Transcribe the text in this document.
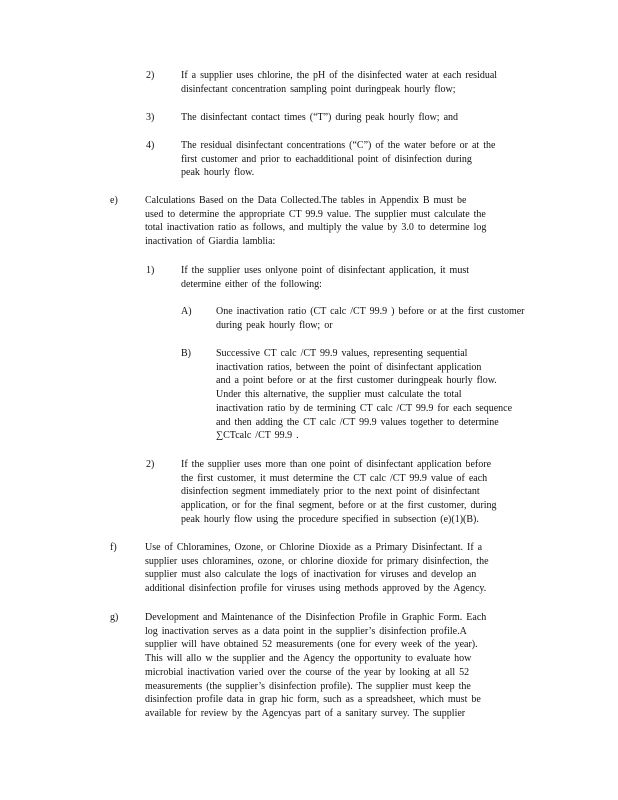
2)	If a supplier uses chlorine, the pH of the disinfected water at each residual
disinfectant concentration sampling point duringpeak hourly flow;
3)	The disinfectant contact times (“T”) during peak hourly flow; and
4)	The residual disinfectant concentrations (“C”) of the water before or at the
first customer and prior to eachadditional point of disinfection during
peak hourly flow.
e)	Calculations Based on the Data Collected.The tables in Appendix B must be
used to determine the appropriate CT 99.9 value. The supplier must calculate the
total inactivation ratio as follows, and multiply the value by 3.0 to determine log
inactivation of Giardia lamblia:
1)	If the supplier uses onlyone point of disinfectant application, it must
determine either of the following:
A) One inactivation ratio (CT calc /CT 99.9 ) before or at the first customer
during peak hourly flow; or
B)	Successive CT calc /CT 99.9 values, representing sequential
inactivation ratios, between the point of disinfectant application
and a point before or at the first customer duringpeak hourly flow.
Under this alternative, the supplier must calculate the total
inactivation ratio by de termining CT calc /CT 99.9 for each sequence
and then adding the CT calc /CT 99.9 values together to determine
∑CTcalc /CT 99.9 .
2)	If the supplier uses more than one point of disinfectant application before
the first customer, it must determine the CT calc /CT 99.9 value of each
disinfection segment immediately prior to the next point of disinfectant
application, or for the final segment, before or at the first customer, during
peak hourly flow using the procedure specified in subsection (e)(1)(B).
f)	Use of Chloramines, Ozone, or Chlorine Dioxide as a Primary Disinfectant. If a
supplier uses chloramines, ozone, or chlorine dioxide for primary disinfection, the
supplier must also calculate the logs of inactivation for viruses and develop an
additional disinfection profile for viruses using methods approved by the Agency.
g)	Development and Maintenance of the Disinfection Profile in Graphic Form. Each
log inactivation serves as a data point in the supplier’s disinfection profile.A
supplier will have obtained 52 measurements (one for every week of the year).
This will allo w the supplier and the Agency the opportunity to evaluate how
microbial inactivation varied over the course of the year by looking at all 52
measurements (the supplier’s disinfection profile). The supplier must keep the
disinfection profile data in grap hic form, such as a spreadsheet, which must be
available for review by the Agencyas part of a sanitary survey. The supplier
